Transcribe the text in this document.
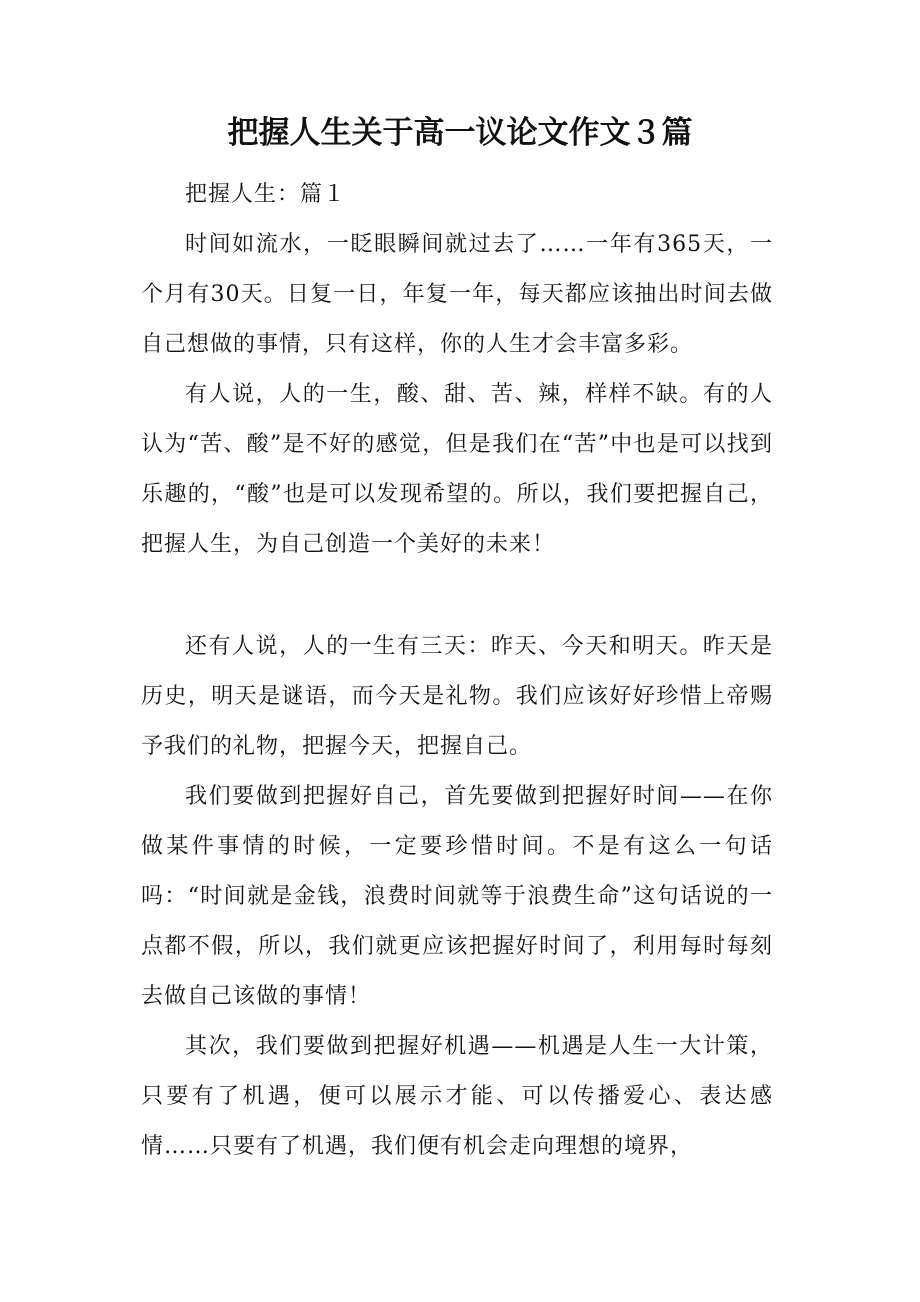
把握人生关于高一议论文作文３篇

把握人生：篇１

时间如流水，一眨眼瞬间就过去了……一年有365天，一个月有30天。日复一日，年复一年，每天都应该抽出时间去做自己想做的事情，只有这样，你的人生才会丰富多彩。

有人说，人的一生，酸、甜、苦、辣，样样不缺。有的人认为“苦、酸”是不好的感觉，但是我们在“苦”中也是可以找到乐趣的，“酸”也是可以发现希望的。所以，我们要把握自己，把握人生，为自己创造一个美好的未来！

还有人说，人的一生有三天：昨天、今天和明天。昨天是历史，明天是谜语，而今天是礼物。我们应该好好珍惜上帝赐予我们的礼物，把握今天，把握自己。

我们要做到把握好自己，首先要做到把握好时间——在你做某件事情的时候，一定要珍惜时间。不是有这么一句话吗：“时间就是金钱，浪费时间就等于浪费生命”这句话说的一点都不假，所以，我们就更应该把握好时间了，利用每时每刻去做自己该做的事情！

其次，我们要做到把握好机遇——机遇是人生一大计策，只要有了机遇，便可以展示才能、可以传播爱心、表达感情……只要有了机遇，我们便有机会走向理想的境界，
